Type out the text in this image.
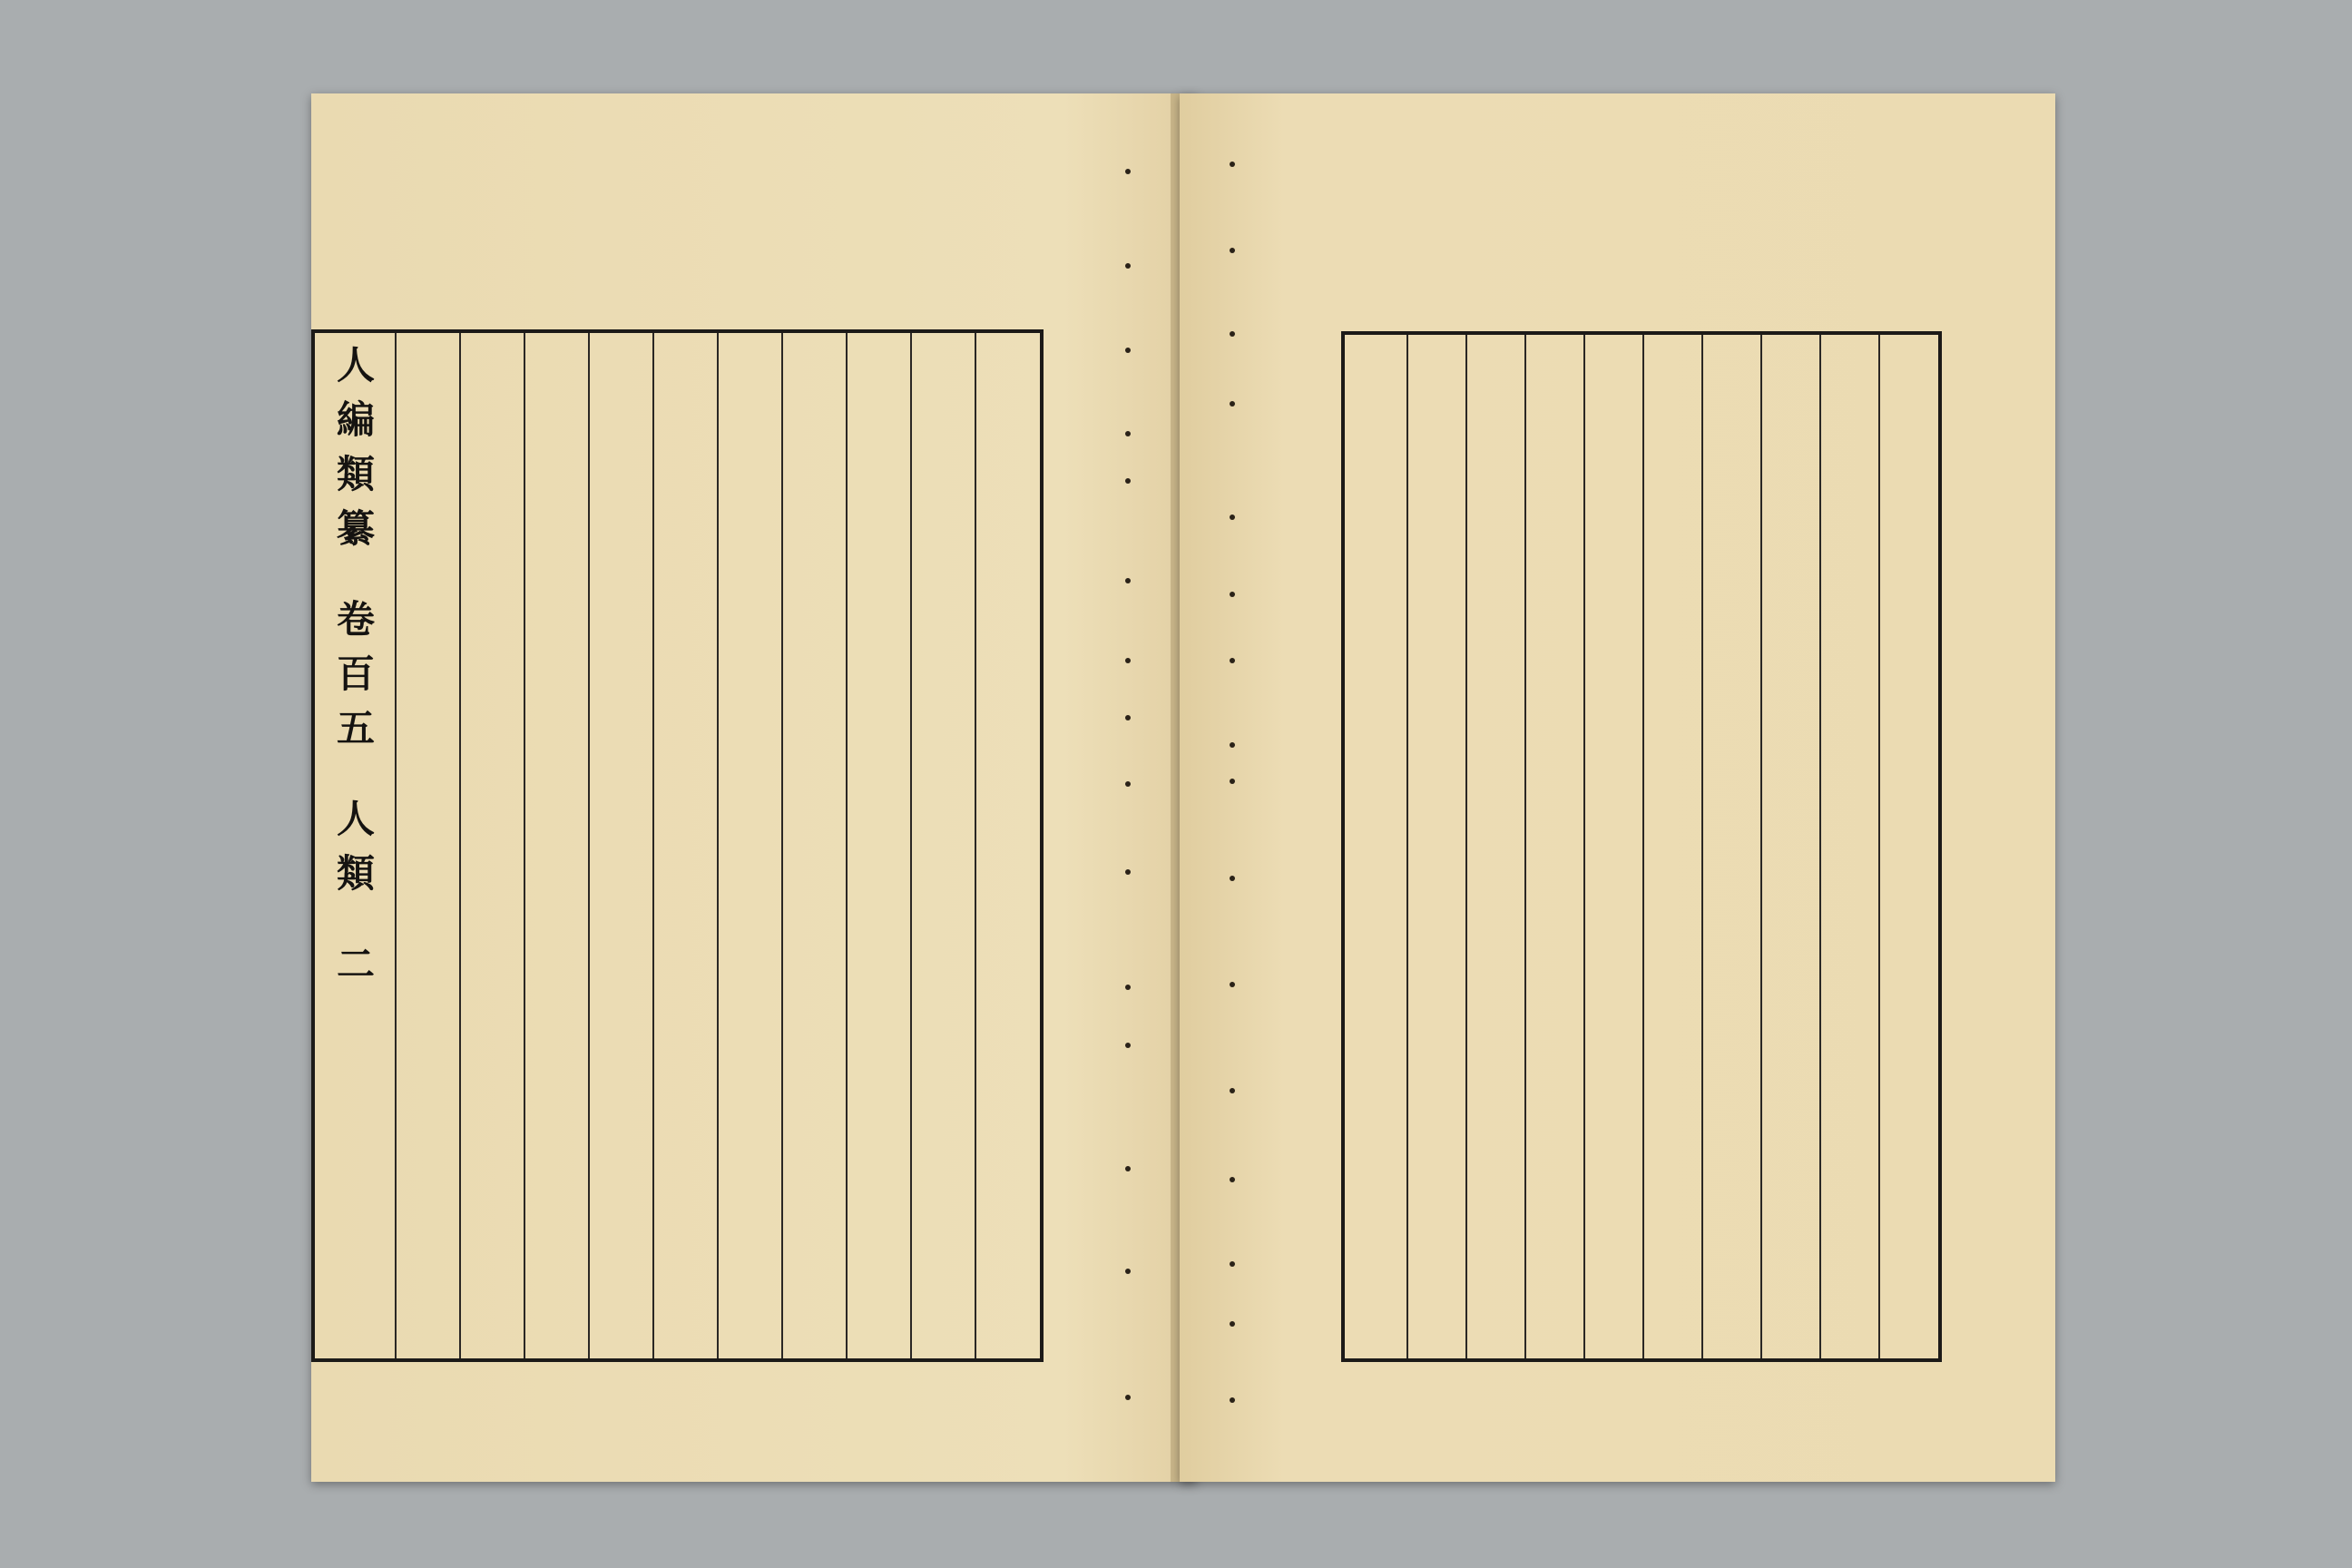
人
編
類
纂
卷
百
五
人
類
二
